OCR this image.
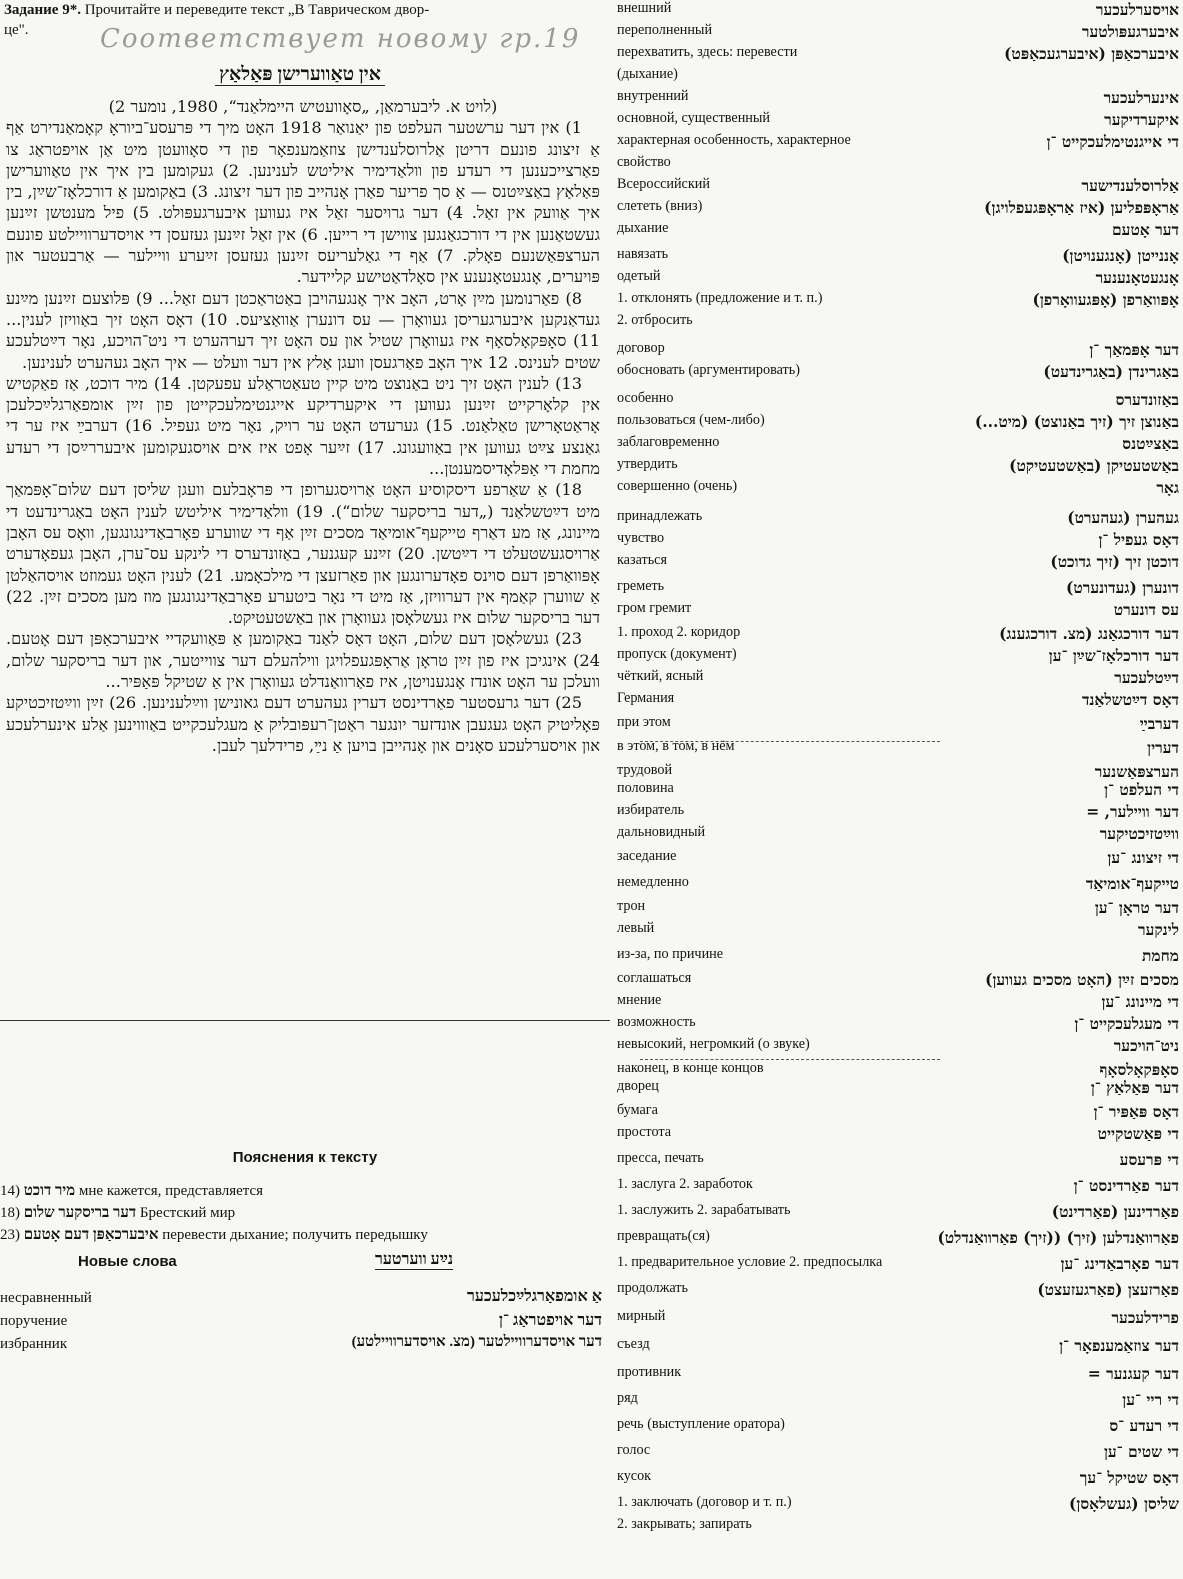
Задание 9*. Прочитайте и переведите текст „В Таврическом двор-
це".	Соответствует новому гр.19
אין טאַווערישן פּאַלאַץ

(לויט א. ליבערמאַן, „סאָוועטיש היימלאַנד“, 1980, נומער 2)

1) אין דער ערשטער העלפט פון יאַנואַר 1918 האָט מיך די פּרעסע־ביוראָ קאָמאַנדירט אַף אַ זיצונג פונעם דריטן אַלרוסלענדישן צוזאַמענפאָר פון די סאָוועטן מיט אַן אויפטראַג צו פאַרצייכענען די רעדע פון װלאַדימיר איליטש לענינען. 2) געקומען בין איך אין טאַווערישן פּאַלאַץ באַצײַטנס — אַ סך פריער פאַרן אָנהייב פון דער זיצונג. 3) באַקומען אַ דורכלאָז־שײַן, בין איך אַוועק אין זאַל. 4) דער גרויסער זאַל איז געווען איבערגעפּולט. 5) פיל מענטשן זײַנען געשטאַנען אין די דורכגאַנגען צווישן די רייען. 6) אין זאַל זײַנען געזעסן די אויסדערוויילטע פונעם הערצפּאַשנעם פאָלק. 7) אַף די גאַלעריעס זײַנען געזעסן זײַערע וויילער — אַרבעטער און פּויערים, אָנגעטאָנענע אין סאָלדאַטישע קליידער.

8) פאַרנומען מײַן אָרט, האָב איך אָנגעהויבן באַטראַכטן דעם זאַל... 9) פּלוצעם זײַנען מײַנע געדאַנקען איבערגעריסן געוואָרן — עס דונערן אַוואַציעס. 10) דאָס האָט זיך באַוויזן לענין... 11) סאָפּקאָלסאָף איז געוואָרן שטיל און עס האָט זיך דערהערט די ניט־הויכע, נאָר דײַטלעכע שטים לענינס. 12 איך האָב פאַרגעסן וועגן אַלץ אין דער וועלט — איך האָב געהערט לענינען.

13) לענין האָט זיך ניט באַנוצט מיט קיין טעאַטראַלע עפעקטן. 14) מיר דוכט, אַז פאַקטיש אין קלאָרקייט זײַנען געווען די איקערדיקע אייגנטימלעכקייטן פון זײַן אומפאַרגלײַכלעכן אָראַטאָרישן טאַלאַנט. 15) גערעדט האָט ער רויק, נאָר מיט געפיל. 16) דערבײַ איז ער די גאַנצע צײַט געווען אין באַוועגונג. 17) זײַער אָפט איז אים אויסגעקומען איבעררײַסן די רעדע מחמת די אַפּלאָדיסמענטן...

18) אַ שאַרפע דיסקוסיע האָט אַרויסגערופן די פּראָבלעם וועגן שליסן דעם שלום־אָפּמאַך מיט דײַטשלאַנד („דער בריסקער שלום“). 19) װלאַדימיר איליטש לענין האָט באַגרינדעט די מיינונג, אַז מע דאַרף טייקעף־אומיאַד מסכים זײַן אַף די שווערע פאָרבאַדינגונגען, וואָס עס האָבן אַרויסגעשטעלט די דײַטשן. 20) זײַנע קעגנער, באַזונדערס די לינקע עס־ערן, האָבן געפאָדערט אָפּוואַרפן דעם סוינס פאָדערונגען און פאַרזעצן די מילכאָמע. 21) לענין האָט געמוזט אויסהאַלטן אַ שווערן קאַמף אין דערוויזן, אַז מיט די נאָר ביטערע פאָרבאַדינגונגען מוז מען מסכים זײַן. 22) דער בריסקער שלום איז געשלאָסן געוואָרן און באַשטעטיקט.

23) געשלאָסן דעם שלום, האָט דאָס לאַנד באַקומען אַ פּאַוועקדיי איבערכאַפּן דעם אָטעם. 24) אינגיכן איז פון זײַן טראָן אַראָפּגעפלויגן ווילהעלם דער צווייטער, און דער בריסקער שלום, וועלכן ער האָט אונדז אָנגענויטן, איז פאַרוואַנדלט געוואָרן אין אַ שטיקל פּאַפּיר...

25) דער גרעסטער פאַרדינסט דערין געהערט דעם גאונישן ווײַלענינען. 26) זײַן ווײַטזיכטיקע פּאָליטיק האָט געגעבן אונדזער יונגער ראַטן־רעפּובליק אַ מעגלעכקייט באַוווינען אַלע אינערלעכע און אויסערלעכע סאָנים און אָנהייבן בויען אַ נײַ, פרידלעך לעבן.

Пояснения к тексту
14) מיר דוכט мне кажется, представляется
18) דער בריסקער שלום Брестский мир
23) איבערכאַפּן דעם אָטעם перевести дыхание; получить передышку
Новые слова	נײַע ווערטער
несравненный	אַ אומפאַרגלײַכלעכער
поручение	דער אויפטראַג ־ן
избранник	דער אויסדערוויילטער (מצ. אויסדערוויילטע)
внешний	אויסערלעכער
переполненный	איבערגעפּולטער
перехватить, здесь: перевести	איבערכאַפּן (איבערגעכאַפּט)
(дыхание)
внутренний	אינערלעכער
основной, существенный	איקערדיקער
характерная особенность, характерное	די אייגנטימלעכקייט ־ן
свойство
Всероссийский	אַלרוסלענדישער
слететь (вниз)	אַראָפּפליען (איז אַראָפּגעפלויגן)
дыхание	דער אָטעם
навязать	אָננייטן (אָנגענויטן)
одетый	אָנגעטאָנענער
1. отклонять (предложение и т. п.)	אָפּוואַרפן (אָפּגעוואָרפן)
2. отбросить
договор	דער אָפּמאַך ־ן
обосновать (аргументировать)	באַגרינדן (באַגרינדעט)
особенно	באַזונדערס
пользоваться (чем-либо)	באַנוצן זיך (זיך באַנוצט) (מיט...)
заблаговременно	באַצײַטנס
утвердить	באַשטעטיקן (באַשטעטיקט)
совершенно (очень)	גאָר
принадлежать	געהערן (געהערט)
чувство	דאָס געפיל ־ן
казаться	דוכטן זיך (זיך גדוכט)
греметь	דונערן (געדונערט)
гром гремит	עס דונערט
1. проход 2. коридор	דער דורכגאַנג (מצ. דורכגענג)
пропуск (документ)	דער דורכלאָז־שײַן ־ען
чёткий, ясный	דײַטלעכער
Германия	דאָס דײַטשלאַנד
при этом	דערבײַ
в этом, в том, в нём	דערין
трудовой	הערצפּאַשנער
половина	די העלפט ־ן
избиратель	דער וויילער, =
дальновидный	ווײַטזיכטיקער
заседание	די זיצונג ־ען
немедленно	טייקעף־אומיאַד
трон	דער טראָן ־ען
левый	לינקער
из-за, по причине	מחמת
соглашаться	מסכים זײַן (האָט מסכים געווען)
мнение	די מיינונג ־ען
возможность	די מעגלעכקייט ־ן
невысокий, негромкий (о звуке)	ניט־הויכער
наконец, в конце концов	סאָפּקאָלסאָף
дворец	דער פּאַלאַץ ־ן
бумага	דאָס פּאַפּיר ־ן
простота	די פּאַשטקייט
пресса, печать	די פּרעסע
1. заслуга 2. заработок	דער פאַרדינסט ־ן
1. заслужить 2. зарабатывать	פאַרדינען (פאַרדינט)
превращать(ся)	פאַרוואַנדלען (זיך) ((זיך) פאַרוואַנדלט)
1. предварительное условие 2. предпосылка	דער פאָרבאַדינג ־ען
продолжать	פאַרזעצן (פאַרגעזעצט)
мирный	פרידלעכער
съезд	דער צוזאַמענפאָר ־ן
противник	דער קעגנער =
ряд	די ריי ־ען
речь (выступление оратора)	די רעדע ־ס
голос	די שטים ־ען
кусок	דאָס שטיקל ־עך
1. заключать (договор и т. п.)	שליסן (געשלאָסן)
2. закрывать; запирать
